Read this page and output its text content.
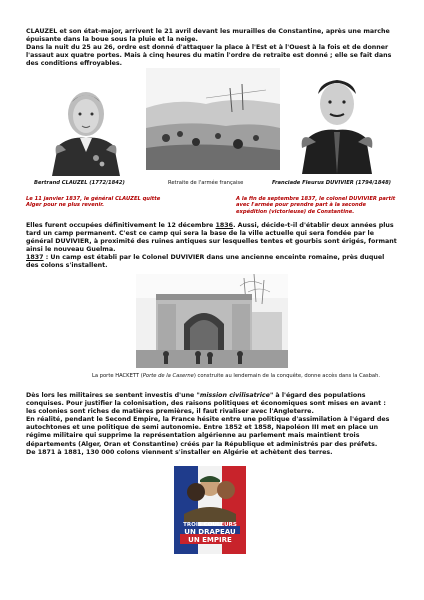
CLAUZEL et son état-major, arrivent le 21 avril devant les murailles de Constantine, après une marche épuisante dans la boue sous la pluie et la neige.
Dans la nuit du 25 au 26, ordre est donné d'attaquer la place à l'Est et à l'Ouest à la fois et de donner l'assaut aux quatre portes. Mais à cinq heures du matin l'ordre de retraite est donné ; elle se fait dans des conditions effroyables.

Bertrand CLAUZEL (1772/1842)	Retraite de l'armée française	Franciade Fleurus DUVIVIER (1794/1848)

Le 11 janvier 1837, le général CLAUZEL quitte Alger pour ne plus revenir.

A la fin de septembre 1837, le colonel DUVIVIER partit avec l'armée pour prendre part à la seconde expédition (victorieuse) de Constantine.

Elles furent occupées définitivement le 12 décembre 1836. Aussi, décide-t-il d'établir deux années plus tard un camp permanent. C'est ce camp qui sera la base de la ville actuelle qui sera fondée par le général DUVIVIER, à proximité des ruines antiques sur lesquelles tentes et gourbis sont érigés, formant ainsi le nouveau Guelma.
1837 : Un camp est établi par le Colonel DUVIVIER dans une ancienne enceinte romaine, près duquel des colons s'installent.

La porte HACKETT (Porte de la Caserne) construite au lendemain de la conquête, donne accès dans la Casbah.

Dès lors les militaires se sentent investis d'une "mission civilisatrice" à l'égard des populations conquises. Pour justifier la colonisation, des raisons politiques et économiques sont mises en avant : les colonies sont riches de matières premières, il faut rivaliser avec l'Angleterre.
En réalité, pendant le Second Empire, la France hésite entre une politique d'assimilation à l'égard des autochtones et une politique de semi autonomie. Entre 1852 et 1858, Napoléon III met en place un régime militaire qui supprime la représentation algérienne au parlement mais maintient trois départements (Alger, Oran et Constantine) créés par la République et administrés par des préfets.
De 1871 à 1881, 130 000 colons viennent s'installer en Algérie et achètent des terres.

TROIS COULEURS
UN DRAPEAU
UN EMPIRE
